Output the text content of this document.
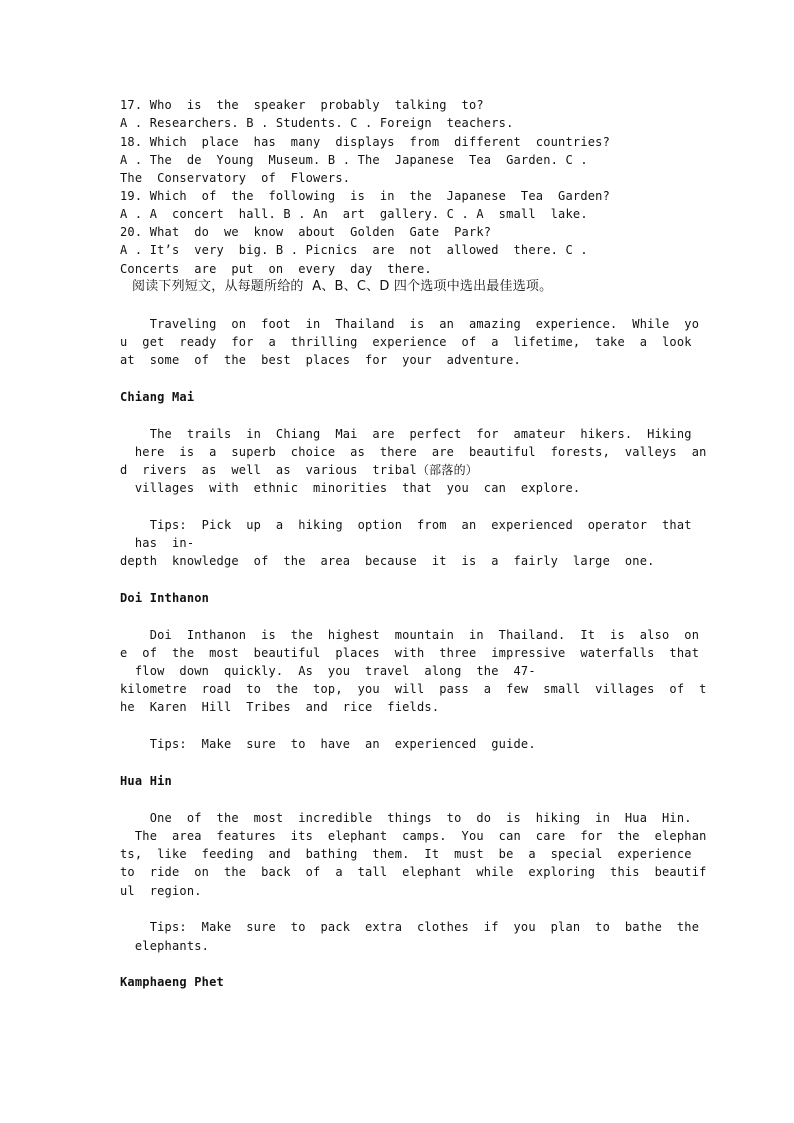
17. Who  is  the  speaker  probably  talking  to?
A . Researchers. B . Students. C . Foreign  teachers.
18. Which  place  has  many  displays  from  different  countries?
A . The  de  Young  Museum. B . The  Japanese  Tea  Garden. C .
The  Conservatory  of  Flowers.
19. Which  of  the  following  is  in  the  Japanese  Tea  Garden?
A . A  concert  hall. B . An  art  gallery. C . A  small  lake.
20. What  do  we  know  about  Golden  Gate  Park?
A . It’s  very  big. B . Picnics  are  not  allowed  there. C .
Concerts  are  put  on  every  day  there.
阅读下列短文，从每题所给的  A、B、C、D 四个选项中选出最佳选项。
Traveling  on  foot  in  Thailand  is  an  amazing  experience.  While  yo
u  get  ready  for  a  thrilling  experience  of  a  lifetime,  take  a  look
at  some  of  the  best  places  for  your  adventure.
Chiang Mai
The  trails  in  Chiang  Mai  are  perfect  for  amateur  hikers.  Hiking
here  is  a  superb  choice  as  there  are  beautiful  forests,  valleys  an
d  rivers  as  well  as  various  tribal（部落的）
villages  with  ethnic  minorities  that  you  can  explore.
Tips:  Pick  up  a  hiking  option  from  an  experienced  operator  that
has  in-
depth  knowledge  of  the  area  because  it  is  a  fairly  large  one.
Doi Inthanon
Doi  Inthanon  is  the  highest  mountain  in  Thailand.  It  is  also  on
e  of  the  most  beautiful  places  with  three  impressive  waterfalls  that
flow  down  quickly.  As  you  travel  along  the  47-
kilometre  road  to  the  top,  you  will  pass  a  few  small  villages  of  t
he  Karen  Hill  Tribes  and  rice  fields.
Tips:  Make  sure  to  have  an  experienced  guide.
Hua Hin
One  of  the  most  incredible  things  to  do  is  hiking  in  Hua  Hin.
The  area  features  its  elephant  camps.  You  can  care  for  the  elephan
ts,  like  feeding  and  bathing  them.  It  must  be  a  special  experience
to  ride  on  the  back  of  a  tall  elephant  while  exploring  this  beautif
ul  region.
Tips:  Make  sure  to  pack  extra  clothes  if  you  plan  to  bathe  the
elephants.
Kamphaeng Phet
